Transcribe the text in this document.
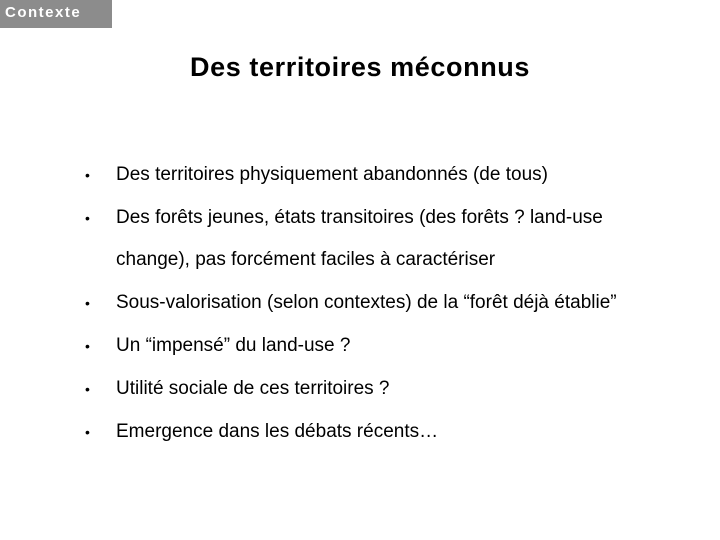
Contexte
Des territoires méconnus
• Des territoires physiquement abandonnés (de tous)
• Des forêts jeunes, états transitoires (des forêts ? land-use change), pas forcément faciles à caractériser
• Sous-valorisation (selon contextes) de la “forêt déjà établie”
• Un “impensé” du land-use ?
• Utilité sociale de ces territoires ?
• Emergence dans les débats récents…
